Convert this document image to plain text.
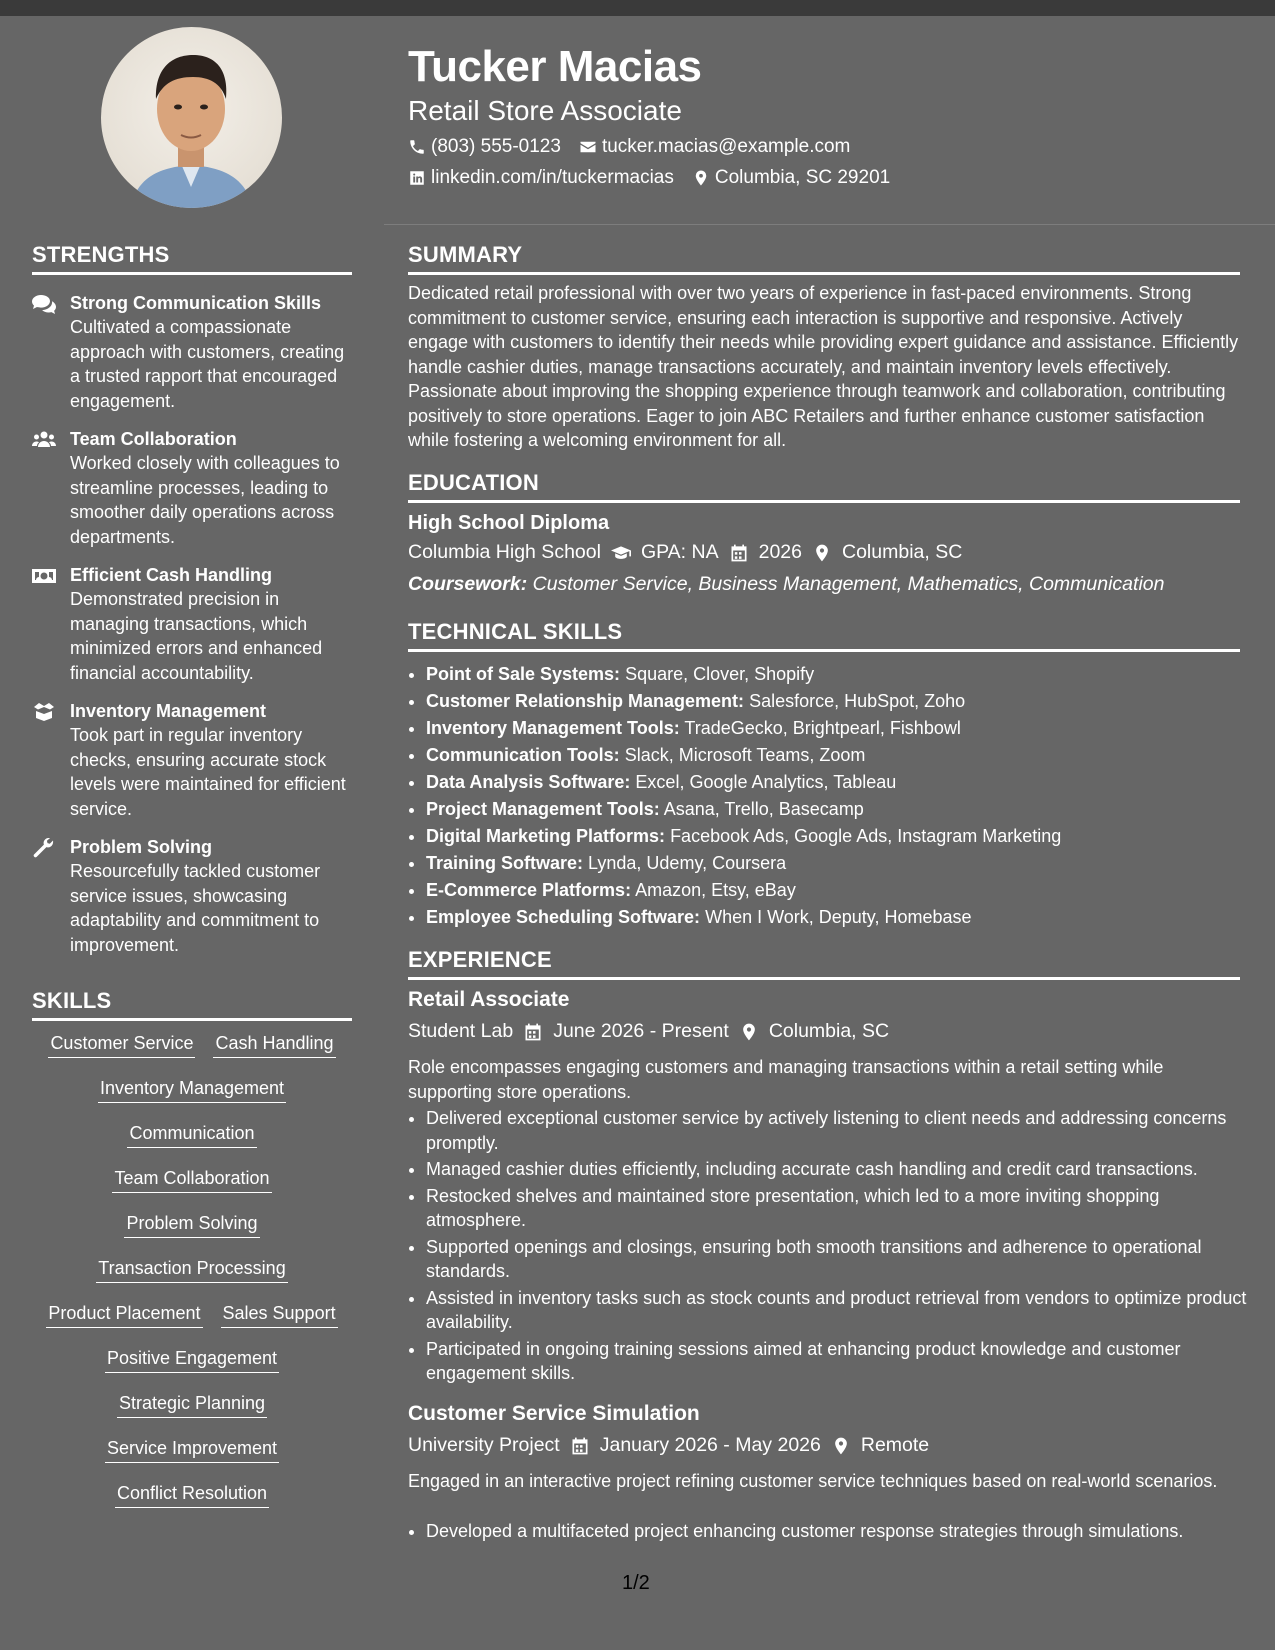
Tucker Macias
Retail Store Associate
(803) 555-0123 tucker.macias@example.com
linkedin.com/in/tuckermacias Columbia, SC 29201
STRENGTHS
Strong Communication Skills
Cultivated a compassionate approach with customers, creating a trusted rapport that encouraged engagement.
Team Collaboration
Worked closely with colleagues to streamline processes, leading to smoother daily operations across departments.
Efficient Cash Handling
Demonstrated precision in managing transactions, which minimized errors and enhanced financial accountability.
Inventory Management
Took part in regular inventory checks, ensuring accurate stock levels were maintained for efficient service.
Problem Solving
Resourcefully tackled customer service issues, showcasing adaptability and commitment to improvement.
SKILLS
Customer Service Cash Handling
Inventory Management
Communication
Team Collaboration
Problem Solving
Transaction Processing
Product Placement Sales Support
Positive Engagement
Strategic Planning
Service Improvement
Conflict Resolution
SUMMARY
Dedicated retail professional with over two years of experience in fast-paced environments. Strong commitment to customer service, ensuring each interaction is supportive and responsive. Actively engage with customers to identify their needs while providing expert guidance and assistance. Efficiently handle cashier duties, manage transactions accurately, and maintain inventory levels effectively. Passionate about improving the shopping experience through teamwork and collaboration, contributing positively to store operations. Eager to join ABC Retailers and further enhance customer satisfaction while fostering a welcoming environment for all.
EDUCATION
High School Diploma
Columbia High School GPA: NA 2026 Columbia, SC
Coursework: Customer Service, Business Management, Mathematics, Communication
TECHNICAL SKILLS
• Point of Sale Systems: Square, Clover, Shopify
• Customer Relationship Management: Salesforce, HubSpot, Zoho
• Inventory Management Tools: TradeGecko, Brightpearl, Fishbowl
• Communication Tools: Slack, Microsoft Teams, Zoom
• Data Analysis Software: Excel, Google Analytics, Tableau
• Project Management Tools: Asana, Trello, Basecamp
• Digital Marketing Platforms: Facebook Ads, Google Ads, Instagram Marketing
• Training Software: Lynda, Udemy, Coursera
• E-Commerce Platforms: Amazon, Etsy, eBay
• Employee Scheduling Software: When I Work, Deputy, Homebase
EXPERIENCE
Retail Associate
Student Lab June 2026 - Present Columbia, SC
Role encompasses engaging customers and managing transactions within a retail setting while supporting store operations.
• Delivered exceptional customer service by actively listening to client needs and addressing concerns promptly.
• Managed cashier duties efficiently, including accurate cash handling and credit card transactions.
• Restocked shelves and maintained store presentation, which led to a more inviting shopping atmosphere.
• Supported openings and closings, ensuring both smooth transitions and adherence to operational standards.
• Assisted in inventory tasks such as stock counts and product retrieval from vendors to optimize product availability.
• Participated in ongoing training sessions aimed at enhancing product knowledge and customer engagement skills.
Customer Service Simulation
University Project January 2026 - May 2026 Remote
Engaged in an interactive project refining customer service techniques based on real-world scenarios.
• Developed a multifaceted project enhancing customer response strategies through simulations.
1/2
